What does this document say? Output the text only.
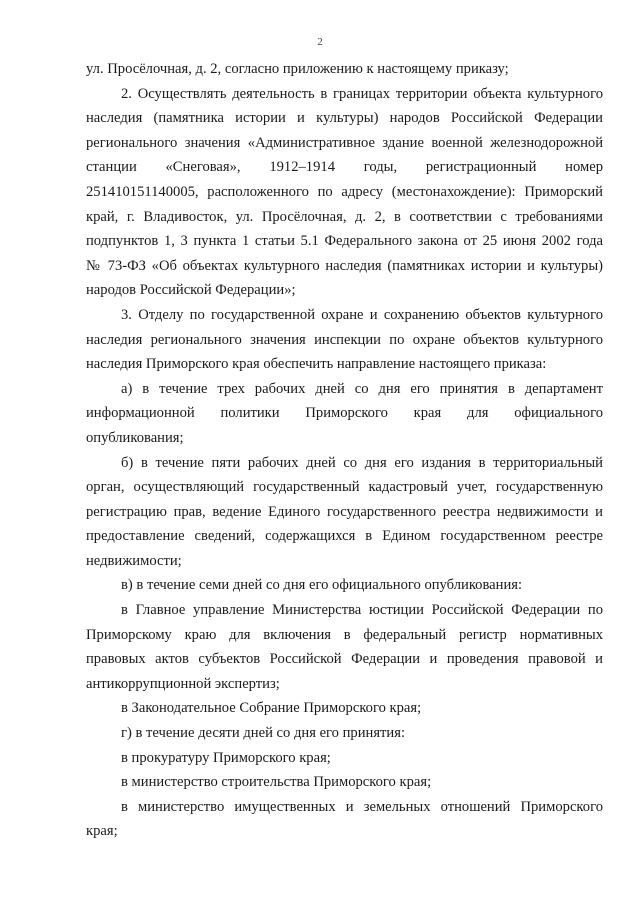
2
ул. Просёлочная, д. 2, согласно приложению к настоящему приказу;
2. Осуществлять деятельность в границах территории объекта культурного
наследия (памятника истории и культуры) народов Российской Федерации
регионального значения «Административное здание военной железнодорожной
станции «Снеговая», 1912–1914 годы, регистрационный номер
251410151140005, расположенного по адресу (местонахождение): Приморский
край, г. Владивосток, ул. Просёлочная, д. 2, в соответствии с требованиями
подпунктов 1, 3 пункта 1 статьи 5.1 Федерального закона от 25 июня 2002 года
№ 73-ФЗ «Об объектах культурного наследия (памятниках истории и культуры)
народов Российской Федерации»;
3. Отделу по государственной охране и сохранению объектов культурного
наследия регионального значения инспекции по охране объектов культурного
наследия Приморского края обеспечить направление настоящего приказа:
а) в течение трех рабочих дней со дня его принятия в департамент
информационной политики Приморского края для официального
опубликования;
б) в течение пяти рабочих дней со дня его издания в территориальный
орган, осуществляющий государственный кадастровый учет, государственную
регистрацию прав, ведение Единого государственного реестра недвижимости и
предоставление сведений, содержащихся в Едином государственном реестре
недвижимости;
в) в течение семи дней со дня его официального опубликования:
в Главное управление Министерства юстиции Российской Федерации по
Приморскому краю для включения в федеральный регистр нормативных
правовых актов субъектов Российской Федерации и проведения правовой и
антикоррупционной экспертиз;
в Законодательное Собрание Приморского края;
г) в течение десяти дней со дня его принятия:
в прокуратуру Приморского края;
в министерство строительства Приморского края;
в министерство имущественных и земельных отношений Приморского
края;
